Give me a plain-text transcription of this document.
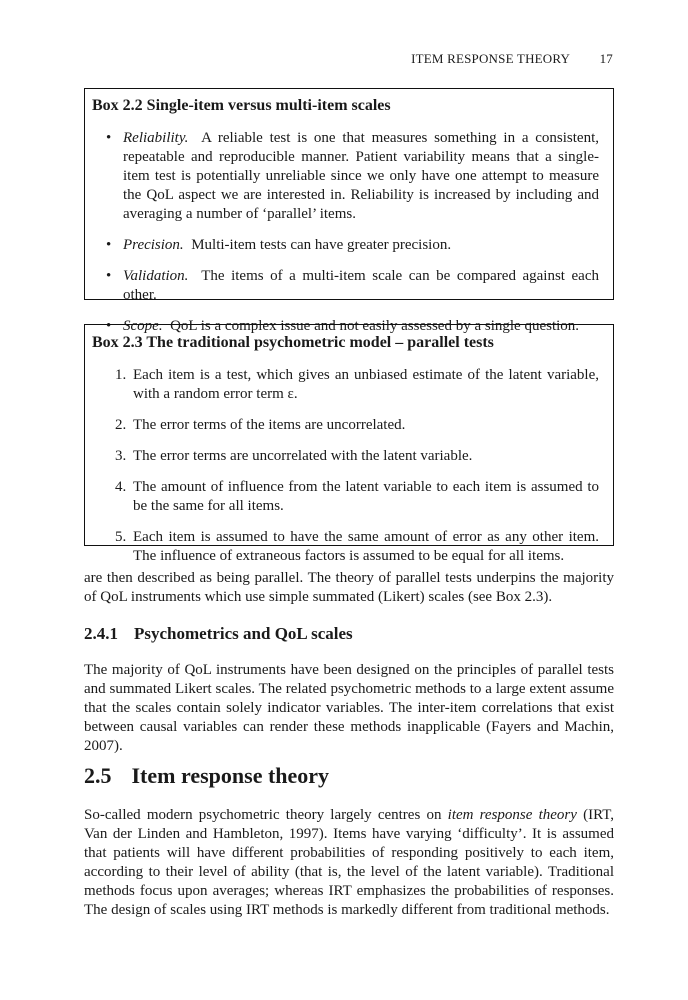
ITEM RESPONSE THEORY 17
Box 2.2 Single-item versus multi-item scales
• Reliability. A reliable test is one that measures something in a consistent, repeatable and reproducible manner. Patient variability means that a single-item test is potentially unreliable since we only have one attempt to measure the QoL aspect we are interested in. Reliability is increased by including and averaging a number of ‘parallel’ items.
• Precision. Multi-item tests can have greater precision.
• Validation. The items of a multi-item scale can be compared against each other.
• Scope. QoL is a complex issue and not easily assessed by a single question.
Box 2.3 The traditional psychometric model – parallel tests
1. Each item is a test, which gives an unbiased estimate of the latent variable, with a random error term ε.
2. The error terms of the items are uncorrelated.
3. The error terms are uncorrelated with the latent variable.
4. The amount of influence from the latent variable to each item is assumed to be the same for all items.
5. Each item is assumed to have the same amount of error as any other item. The influence of extraneous factors is assumed to be equal for all items.

are then described as being parallel. The theory of parallel tests underpins the majority of QoL instruments which use simple summated (Likert) scales (see Box 2.3).

2.4.1 Psychometrics and QoL scales

The majority of QoL instruments have been designed on the principles of parallel tests and summated Likert scales. The related psychometric methods to a large extent assume that the scales contain solely indicator variables. The inter-item correlations that exist between causal variables can render these methods inapplicable (Fayers and Machin, 2007).

2.5 Item response theory

So-called modern psychometric theory largely centres on item response theory (IRT, Van der Linden and Hambleton, 1997). Items have varying ‘difficulty’. It is assumed that patients will have different probabilities of responding positively to each item, according to their level of ability (that is, the level of the latent variable). Traditional methods focus upon averages; whereas IRT emphasizes the probabilities of responses. The design of scales using IRT methods is markedly different from traditional methods.
